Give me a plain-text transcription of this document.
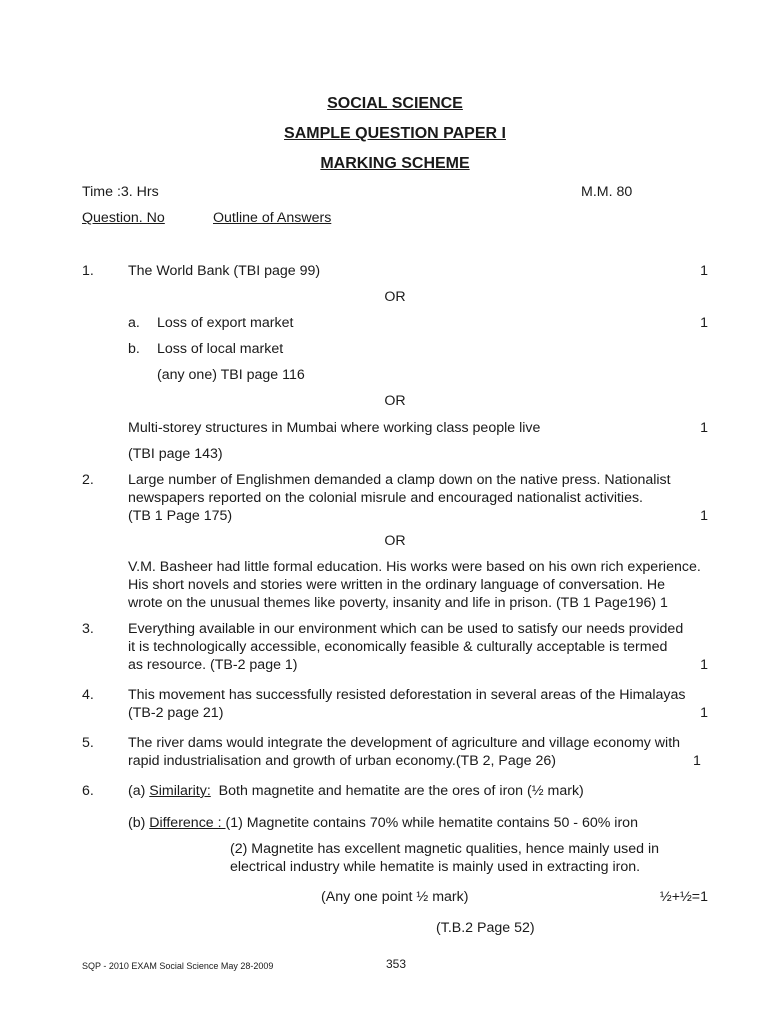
SOCIAL SCIENCE
SAMPLE QUESTION PAPER I
MARKING SCHEME
Time :3. Hrs	M.M. 80
Question. No	Outline of Answers
1. The World Bank (TBI page 99)	1
OR
a. Loss of export market	1
b. Loss of local market
(any one) TBI page 116
OR
Multi-storey structures in Mumbai where working class people live	1
(TBI page 143)
2. Large number of Englishmen demanded a clamp down on the native press. Nationalist
newspapers reported on the colonial misrule and encouraged nationalist activities.
(TB 1 Page 175)	1
OR
V.M. Basheer had little formal education. His works were based on his own rich experience.
His short novels and stories were written in the ordinary language of conversation. He
wrote on the unusual themes like poverty, insanity and life in prison. (TB 1 Page196) 1
3. Everything available in our environment which can be used to satisfy our needs provided
it is technologically accessible, economically feasible & culturally acceptable is termed
as resource. (TB-2 page 1)	1
4. This movement has successfully resisted deforestation in several areas of the Himalayas
(TB-2 page 21)	1
5. The river dams would integrate the development of agriculture and village economy with
rapid industrialisation and growth of urban economy.(TB 2, Page 26)	1
6. (a) Similarity:  Both magnetite and hematite are the ores of iron (½ mark)
(b) Difference : (1) Magnetite contains 70% while hematite contains 50 - 60% iron
(2) Magnetite has excellent magnetic qualities, hence mainly used in
electrical industry while hematite is mainly used in extracting iron.
(Any one point ½ mark)	½+½=1
(T.B.2 Page 52)
SQP - 2010 EXAM Social Science May 28-2009	353
